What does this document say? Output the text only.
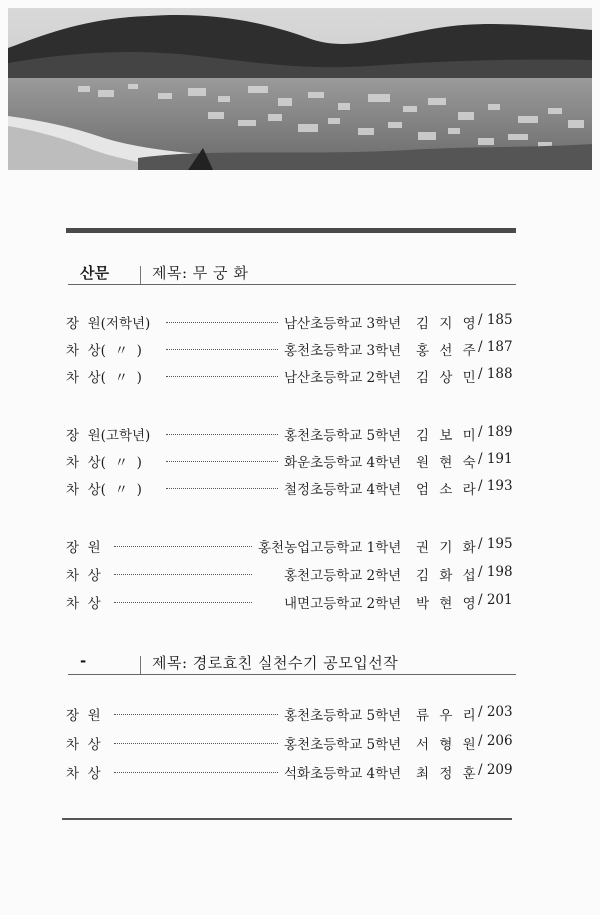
산문	제목: 무 궁 화
장  원(저학년)	남산초등학교 3학년 김 지 영 / 185
차  상(  〃  )	홍천초등학교 3학년 홍 선 주 / 187
차  상(  〃  )	남산초등학교 2학년 김 상 민 / 188
장  원(고학년)	홍천초등학교 5학년 김 보 미 / 189
차  상(  〃  )	화운초등학교 4학년 원 현 숙 / 191
차  상(  〃  )	철정초등학교 4학년 엄 소 라 / 193
장  원	홍천농업고등학교 1학년 권 기 화 / 195
차  상	홍천고등학교 2학년 김 화 섭 / 198
차  상	내면고등학교 2학년 박 현 영 / 201
-	제목: 경로효친 실천수기 공모입선작
장  원	홍천초등학교 5학년 류 우 리 / 203
차  상	홍천초등학교 5학년 서 형 원 / 206
차  상	석화초등학교 4학년 최 정 훈 / 209
